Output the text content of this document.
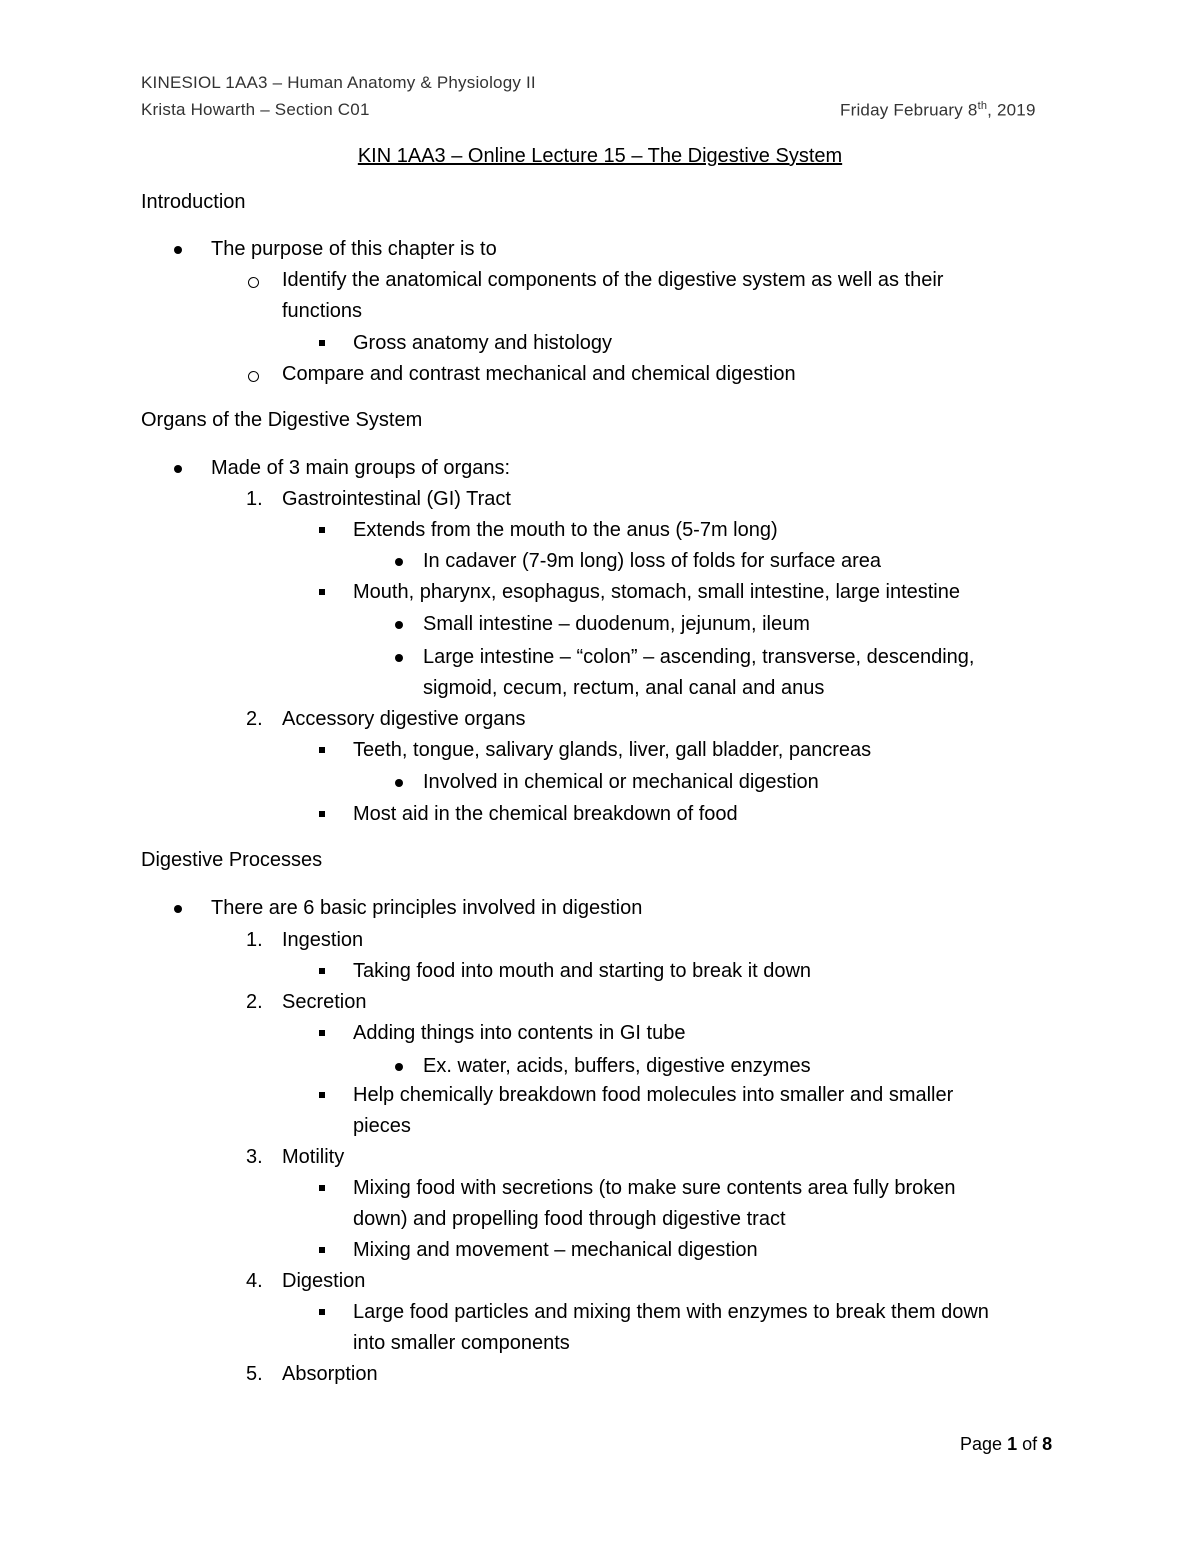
KINESIOL 1AA3 – Human Anatomy & Physiology II
Krista Howarth – Section C01	Friday February 8th, 2019
KIN 1AA3 – Online Lecture 15 – The Digestive System
Introduction
The purpose of this chapter is to
Identify the anatomical components of the digestive system as well as their
functions
Gross anatomy and histology
Compare and contrast mechanical and chemical digestion
Organs of the Digestive System
Made of 3 main groups of organs:
1. Gastrointestinal (GI) Tract
Extends from the mouth to the anus (5-7m long)
In cadaver (7-9m long) loss of folds for surface area
Mouth, pharynx, esophagus, stomach, small intestine, large intestine
Small intestine – duodenum, jejunum, ileum
Large intestine – “colon” – ascending, transverse, descending,
sigmoid, cecum, rectum, anal canal and anus
2. Accessory digestive organs
Teeth, tongue, salivary glands, liver, gall bladder, pancreas
Involved in chemical or mechanical digestion
Most aid in the chemical breakdown of food
Digestive Processes
There are 6 basic principles involved in digestion
1. Ingestion
Taking food into mouth and starting to break it down
2. Secretion
Adding things into contents in GI tube
Ex. water, acids, buffers, digestive enzymes
Help chemically breakdown food molecules into smaller and smaller
pieces
3. Motility
Mixing food with secretions (to make sure contents area fully broken
down) and propelling food through digestive tract
Mixing and movement – mechanical digestion
4. Digestion
Large food particles and mixing them with enzymes to break them down
into smaller components
5. Absorption
Page 1 of 8
